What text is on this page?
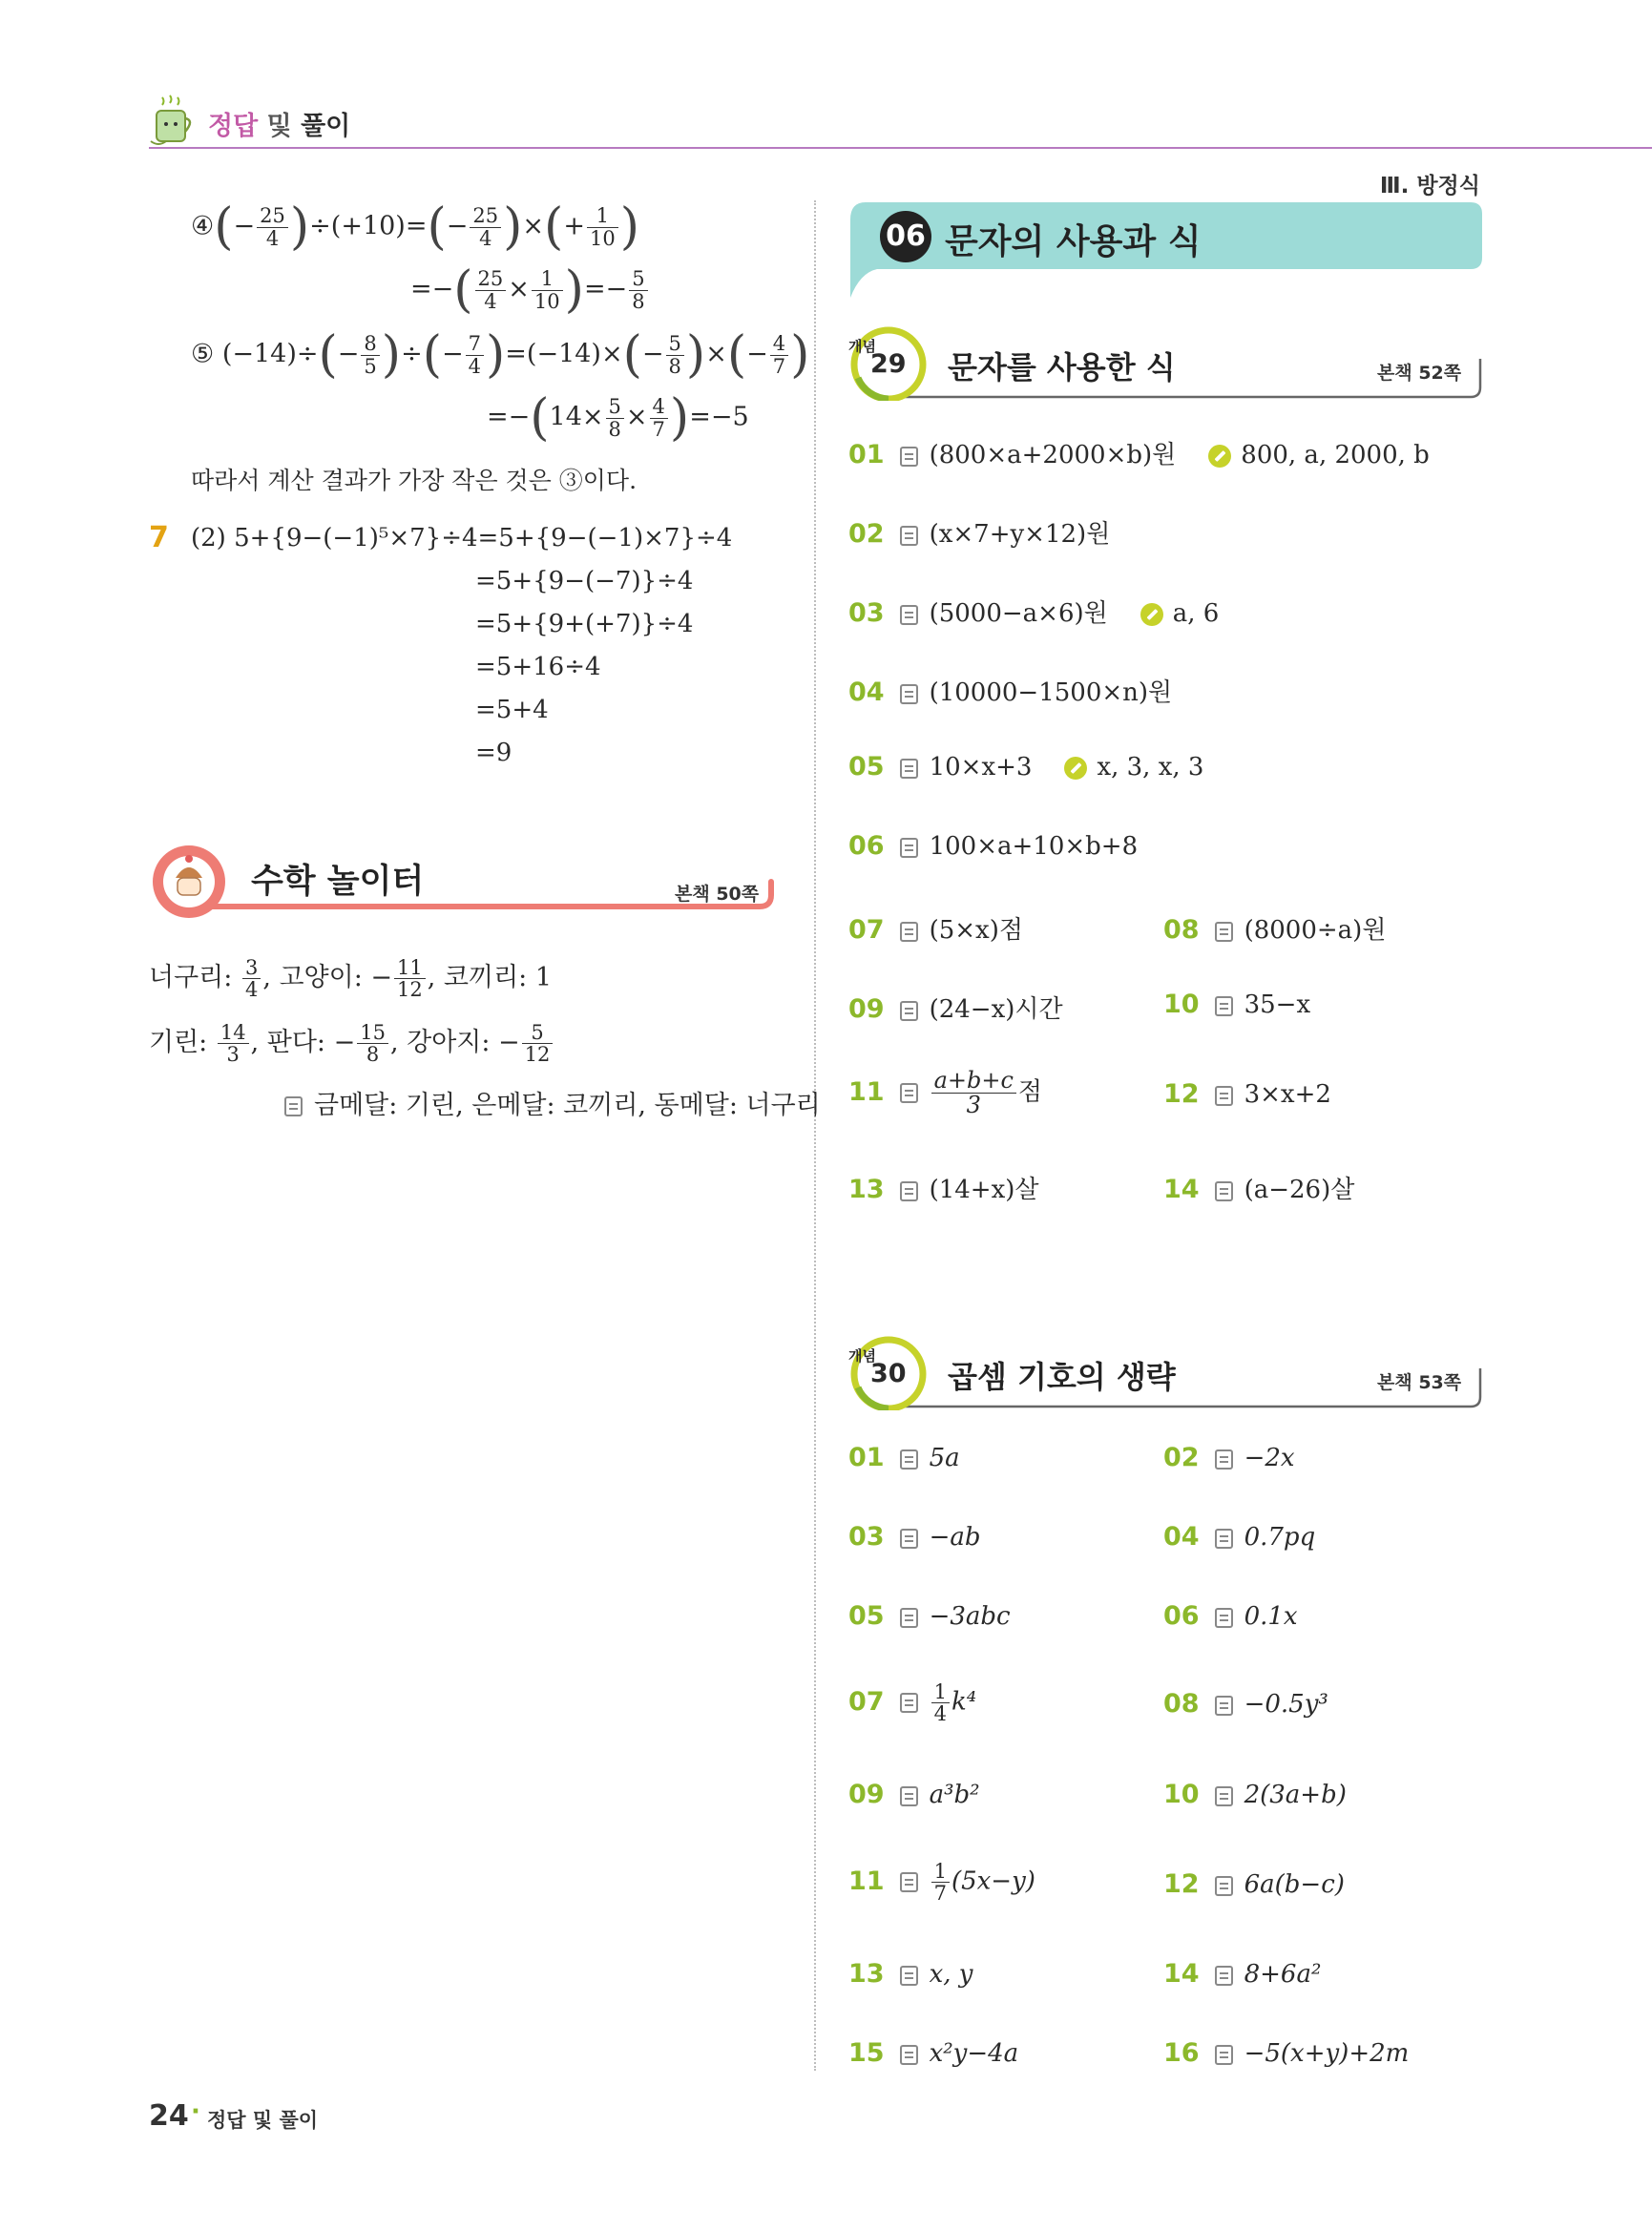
정답 및 풀이
Ⅲ. 방정식
④(− $\frac{25}{4} )\div(+10)=(- \frac{25}{4}$ )×(+ $\frac{1}{10}$ )
=−( $\frac{25}{4} \times \frac{1}{10}$ )=− $\frac{5}{8}$
⑤ $(-14)\div(- \frac{8}{5}$ )÷(− $\frac{7}{4} )=(-14)\times(- \frac{5}{8}$ )×(− $\frac{4}{7}$ )
$=-(14\times \frac{5}{8} \times \frac{4}{7} )=-5$
따라서 계산 결과가 가장 작은 것은 ③이다.
7 (2) 5+{9−(−1)⁵×7}÷4=5+{9−(−1)×7}÷4
=5+{9−(−7)}÷4
=5+{9+(+7)}÷4
=5+16÷4
=5+4
=9
수학 놀이터	본책 50쪽
너구리: $\frac{3}{4}$ , 고양이: − $\frac{11}{12}$ , 코끼리: 1
기린: $\frac{14}{3}$ , 판다: − $\frac{15}{8}$ , 강아지: − $\frac{5}{12}$
금메달: 기린, 은메달: 코끼리, 동메달: 너구리
06 문자의 사용과 식
개념
29 문자를 사용한 식	본책 52쪽
01 (800×a+2000×b)원	800, a, 2000, b
02 (x×7+y×12)원
03 (5000−a×6)원	a, 6
04 (10000−1500×n)원
05 10×x+3	x, 3, x, 3
06 100×a+10×b+8
07 (5×x)점	08 (8000÷a)원
09 (24−x)시간	10 35−x
$11 \frac{a+b+c}{3}$ 점	12 3×x+2
13 (14+x)살	14 (a−26)살
개념
30 곱셈 기호의 생략	본책 53쪽
01 5a	02 −2x
03 −ab	04 0.7pq
05 −3abc	06 0.1x
$07 \frac{1}{4} k^4$	08 −0.5y³
09 a³b²	10 2(3a+b)
$11 \frac{1}{7} (5x-y)$	12 6a(b−c)
13 x, y	14 8+6a²
15 x²y−4a	16 −5(x+y)+2m
24 · 정답 및 풀이
